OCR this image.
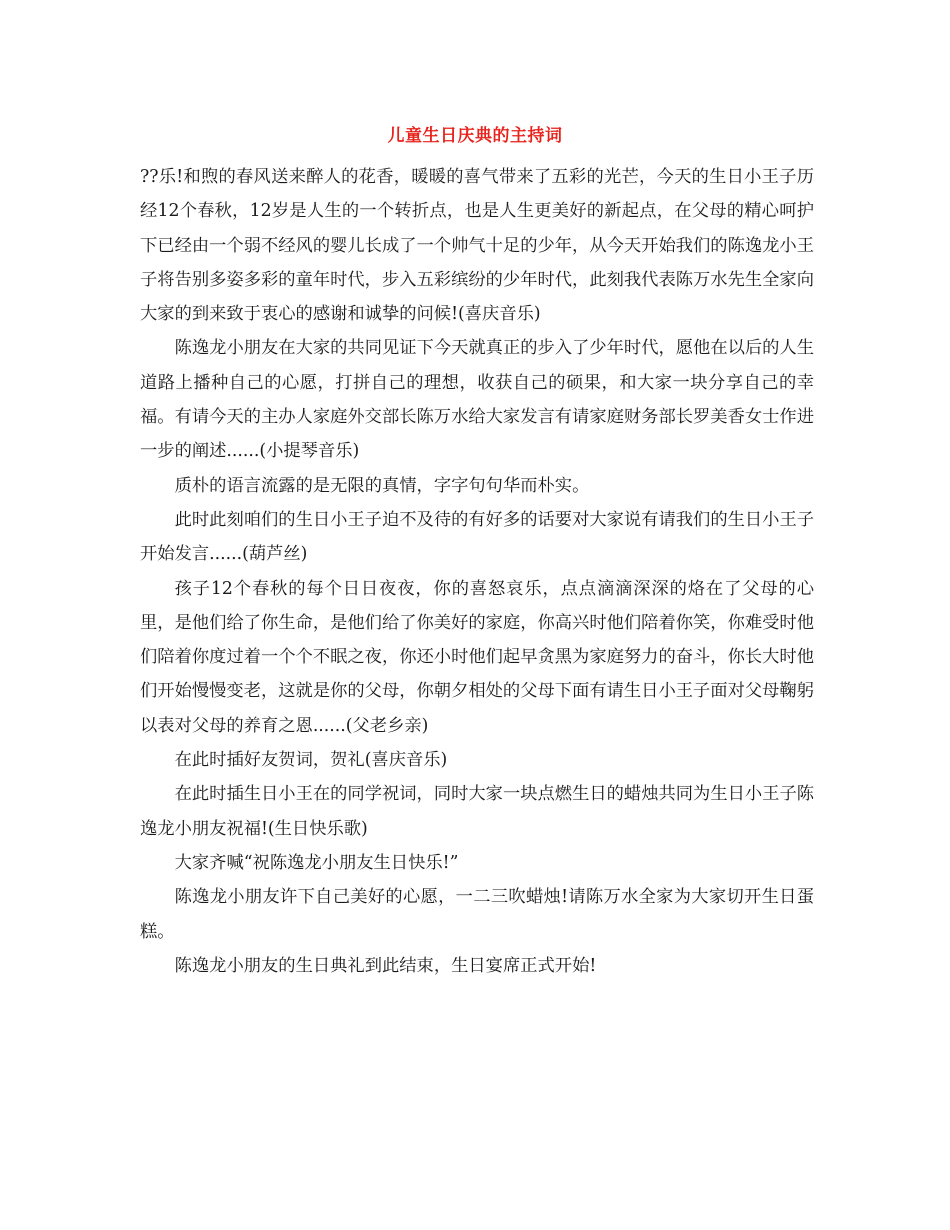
儿童生日庆典的主持词

??乐!和煦的春风送来醉人的花香，暖暖的喜气带来了五彩的光芒，今天的生日小王子历经12个春秋，12岁是人生的一个转折点，也是人生更美好的新起点，在父母的精心呵护下已经由一个弱不经风的婴儿长成了一个帅气十足的少年，从今天开始我们的陈逸龙小王子将告别多姿多彩的童年时代，步入五彩缤纷的少年时代，此刻我代表陈万水先生全家向大家的到来致于衷心的感谢和诚挚的问候!(喜庆音乐)

陈逸龙小朋友在大家的共同见证下今天就真正的步入了少年时代，愿他在以后的人生道路上播种自己的心愿，打拼自己的理想，收获自己的硕果，和大家一块分享自己的幸福。有请今天的主办人家庭外交部长陈万水给大家发言有请家庭财务部长罗美香女士作进一步的阐述......(小提琴音乐)

质朴的语言流露的是无限的真情，字字句句华而朴实。

此时此刻咱们的生日小王子迫不及待的有好多的话要对大家说有请我们的生日小王子开始发言......(葫芦丝)

孩子12个春秋的每个日日夜夜，你的喜怒哀乐，点点滴滴深深的烙在了父母的心里，是他们给了你生命，是他们给了你美好的家庭，你高兴时他们陪着你笑，你难受时他们陪着你度过着一个个不眠之夜，你还小时他们起早贪黑为家庭努力的奋斗，你长大时他们开始慢慢变老，这就是你的父母，你朝夕相处的父母下面有请生日小王子面对父母鞠躬以表对父母的养育之恩......(父老乡亲)

在此时插好友贺词，贺礼(喜庆音乐)

在此时插生日小王在的同学祝词，同时大家一块点燃生日的蜡烛共同为生日小王子陈逸龙小朋友祝福!(生日快乐歌)

大家齐喊“祝陈逸龙小朋友生日快乐!”

陈逸龙小朋友许下自己美好的心愿，一二三吹蜡烛!请陈万水全家为大家切开生日蛋糕。

陈逸龙小朋友的生日典礼到此结束，生日宴席正式开始!
